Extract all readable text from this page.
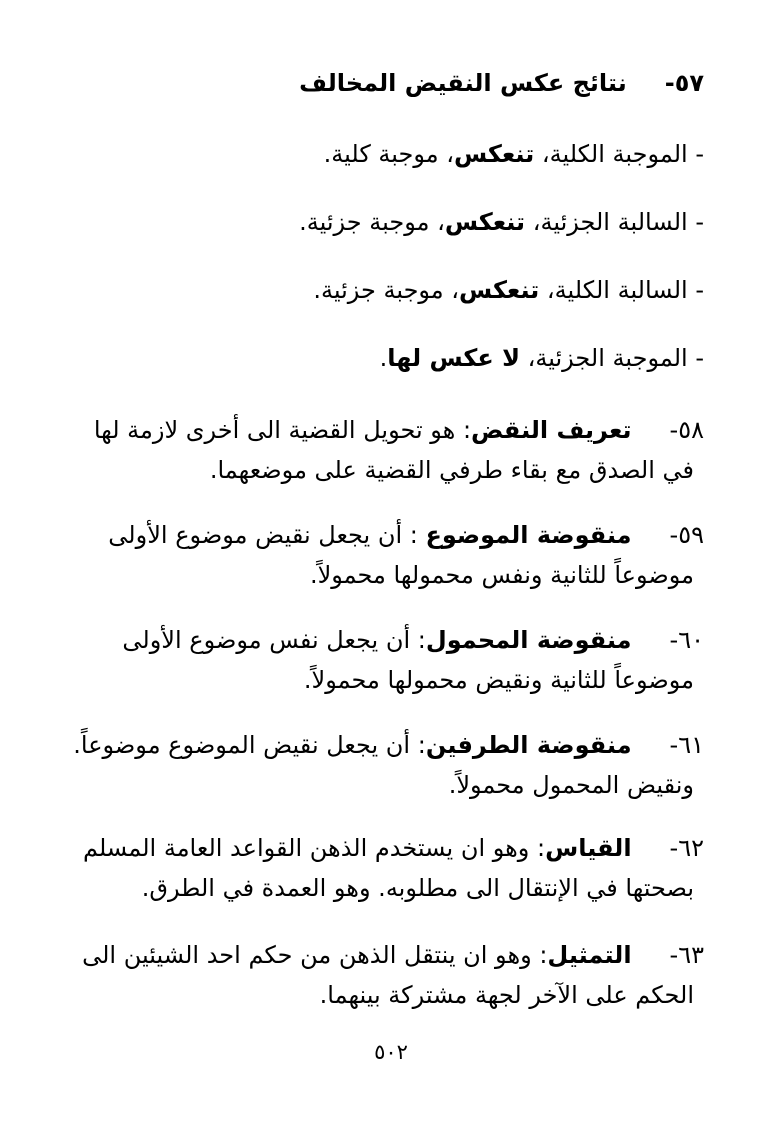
٥٧-نتائج عكس النقيض المخالف
- الموجبة الكلية، تنعكس، موجبة كلية.
- السالبة الجزئية، تنعكس، موجبة جزئية.
- السالبة الكلية، تنعكس، موجبة جزئية.
- الموجبة الجزئية، لا عكس لها.
٥٨-تعريف النقض: هو تحويل القضية الى أخرى لازمة لها
في الصدق مع بقاء طرفي القضية على موضعهما.
٥٩-منقوضة الموضوع : أن يجعل نقيض موضوع الأولى
موضوعاً للثانية ونفس محمولها محمولاً.
٦٠-منقوضة المحمول: أن يجعل نفس موضوع الأولى
موضوعاً للثانية ونقيض محمولها محمولاً.
٦١-منقوضة الطرفين: أن يجعل نقيض الموضوع موضوعاً.
ونقيض المحمول محمولاً.
٦٢-القياس: وهو ان يستخدم الذهن القواعد العامة المسلم
بصحتها في الإنتقال الى مطلوبه. وهو العمدة في الطرق.
٦٣-التمثيل: وهو ان ينتقل الذهن من حكم احد الشيئين الى
الحكم على الآخر لجهة مشتركة بينهما.
٥٠٢
